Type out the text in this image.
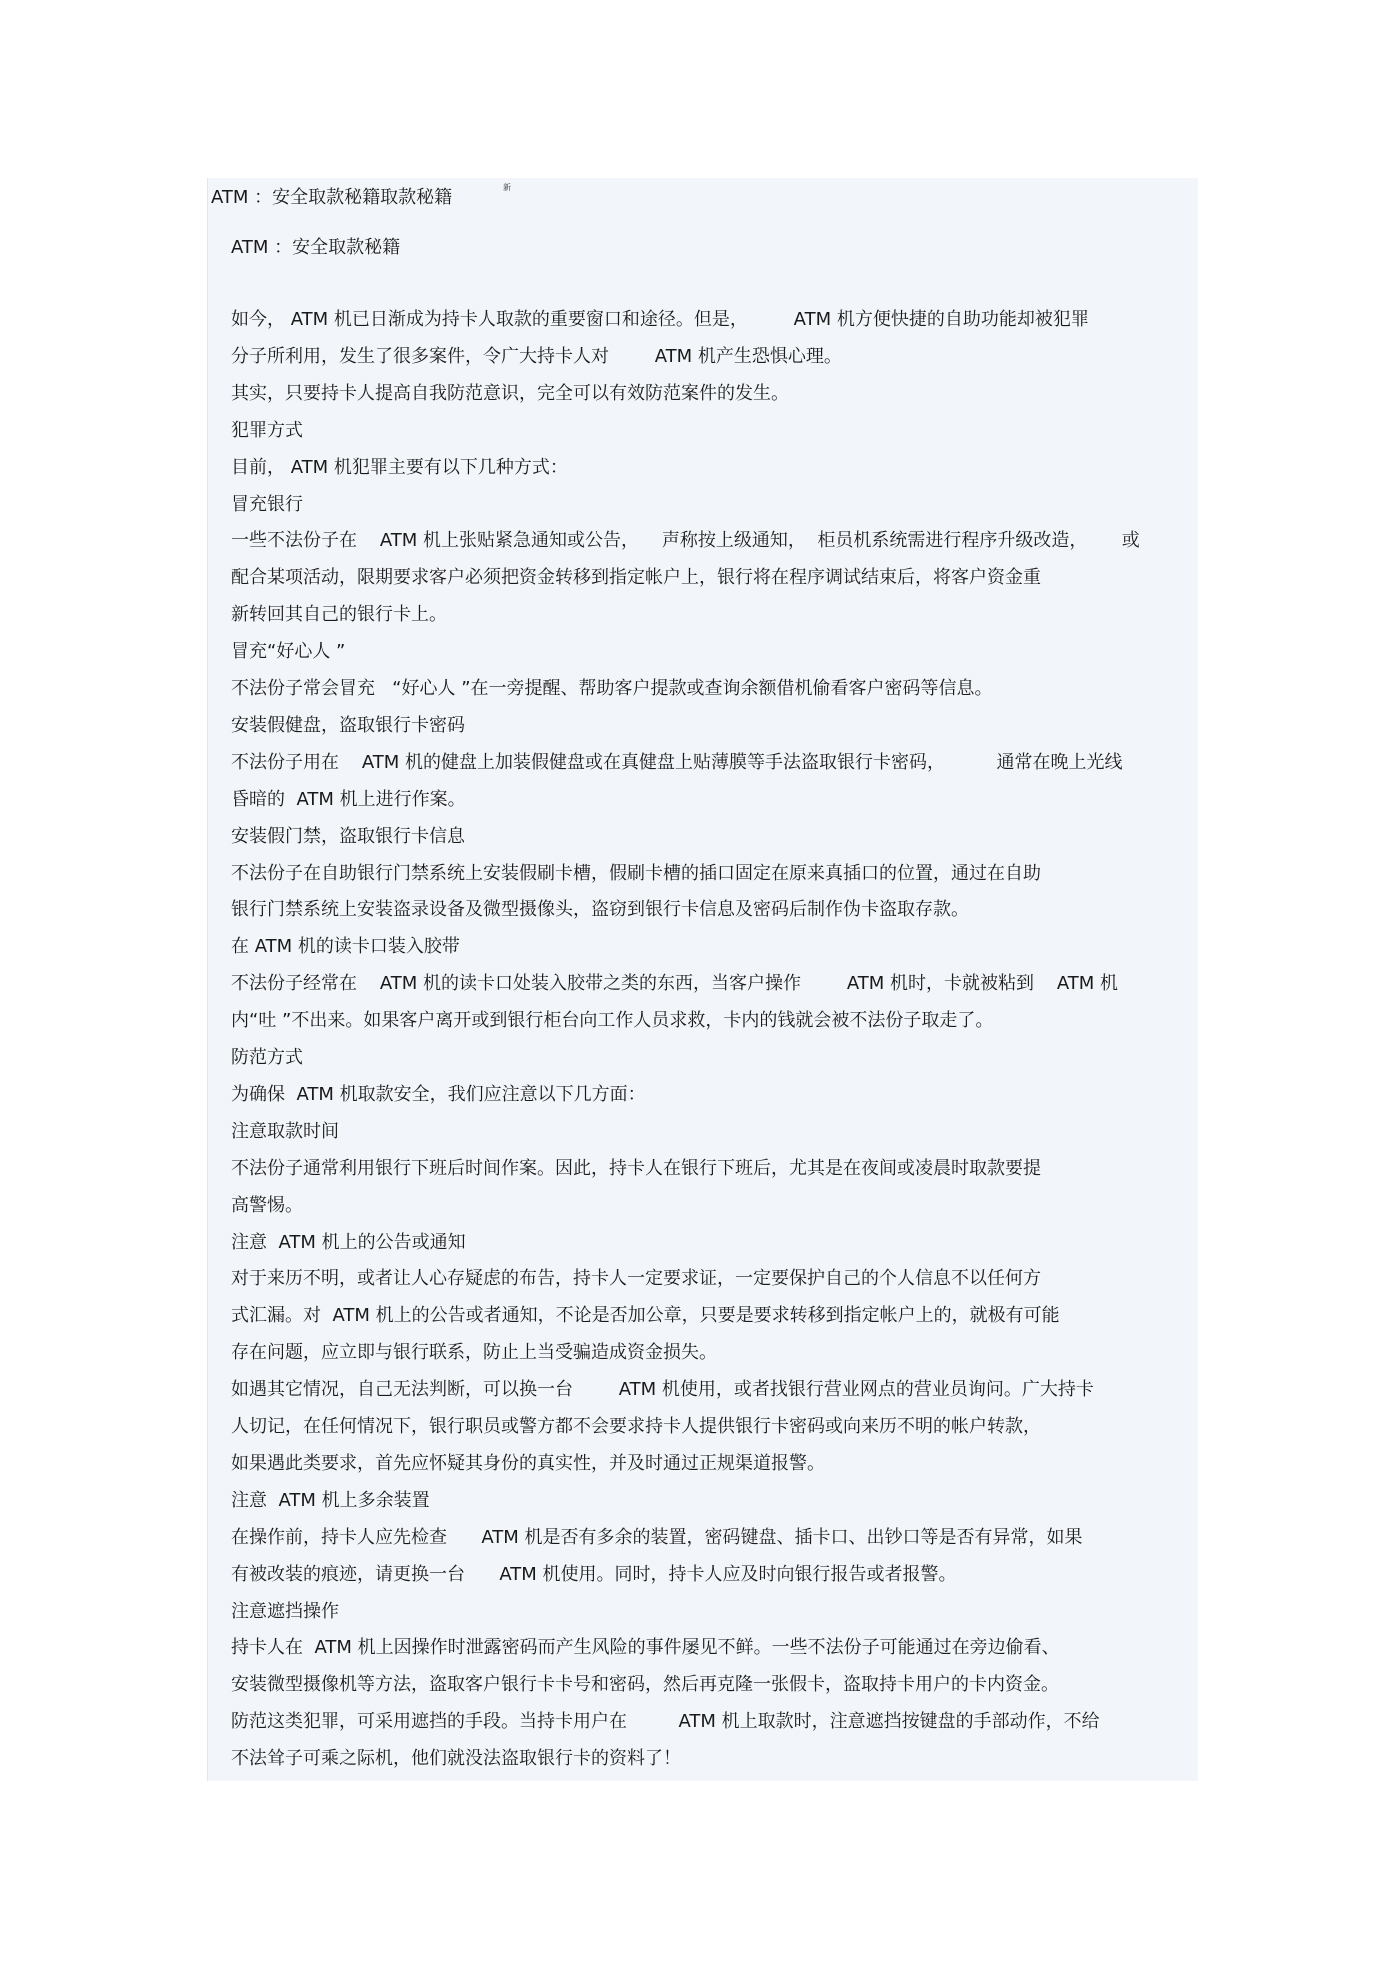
ATM ：安全取款秘籍取款秘籍	新
ATM ：安全取款秘籍
如今， ATM 机已日渐成为持卡人取款的重要窗口和途径。但是，        ATM 机方便快捷的自助功能却被犯罪
分子所利用，发生了很多案件，令广大持卡人对        ATM 机产生恐惧心理。
其实，只要持卡人提高自我防范意识，完全可以有效防范案件的发生。
犯罪方式
目前， ATM 机犯罪主要有以下几种方式：
冒充银行
一些不法份子在    ATM 机上张贴紧急通知或公告，    声称按上级通知，  柜员机系统需进行程序升级改造，      或
配合某项活动，限期要求客户必须把资金转移到指定帐户上，银行将在程序调试结束后，将客户资金重
新转回其自己的银行卡上。
冒充“好心人 ”
不法份子常会冒充   “好心人 ”在一旁提醒、帮助客户提款或查询余额借机偷看客户密码等信息。
安装假健盘，盗取银行卡密码
不法份子用在    ATM 机的健盘上加装假健盘或在真健盘上贴薄膜等手法盗取银行卡密码，         通常在晚上光线
昏暗的  ATM 机上进行作案。
安装假门禁，盗取银行卡信息
不法份子在自助银行门禁系统上安装假刷卡槽，假刷卡槽的插口固定在原来真插口的位置，通过在自助
银行门禁系统上安装盗录设备及微型摄像头，盗窃到银行卡信息及密码后制作伪卡盗取存款。
在 ATM 机的读卡口装入胶带
不法份子经常在    ATM 机的读卡口处装入胶带之类的东西，当客户操作        ATM 机时，卡就被粘到    ATM 机
内“吐 ”不出来。如果客户离开或到银行柜台向工作人员求救，卡内的钱就会被不法份子取走了。
防范方式
为确保  ATM 机取款安全，我们应注意以下几方面：
注意取款时间
不法份子通常利用银行下班后时间作案。因此，持卡人在银行下班后，尤其是在夜间或凌晨时取款要提
高警惕。
注意  ATM 机上的公告或通知
对于来历不明，或者让人心存疑虑的布告，持卡人一定要求证，一定要保护自己的个人信息不以任何方
式汇漏。对  ATM 机上的公告或者通知，不论是否加公章，只要是要求转移到指定帐户上的，就极有可能
存在问题，应立即与银行联系，防止上当受骗造成资金损失。
如遇其它情况，自己无法判断，可以换一台        ATM 机使用，或者找银行营业网点的营业员询问。广大持卡
人切记，在任何情况下，银行职员或警方都不会要求持卡人提供银行卡密码或向来历不明的帐户转款，
如果遇此类要求，首先应怀疑其身份的真实性，并及时通过正规渠道报警。
注意  ATM 机上多余装置
在操作前，持卡人应先检查      ATM 机是否有多余的装置，密码键盘、插卡口、出钞口等是否有异常，如果
有被改装的痕迹，请更换一台      ATM 机使用。同时，持卡人应及时向银行报告或者报警。
注意遮挡操作
持卡人在  ATM 机上因操作时泄露密码而产生风险的事件屡见不鲜。一些不法份子可能通过在旁边偷看、
安装微型摄像机等方法，盗取客户银行卡卡号和密码，然后再克隆一张假卡，盗取持卡用户的卡内资金。
防范这类犯罪，可采用遮挡的手段。当持卡用户在         ATM 机上取款时，注意遮挡按键盘的手部动作，不给
不法耸子可乘之际机，他们就没法盗取银行卡的资料了！
